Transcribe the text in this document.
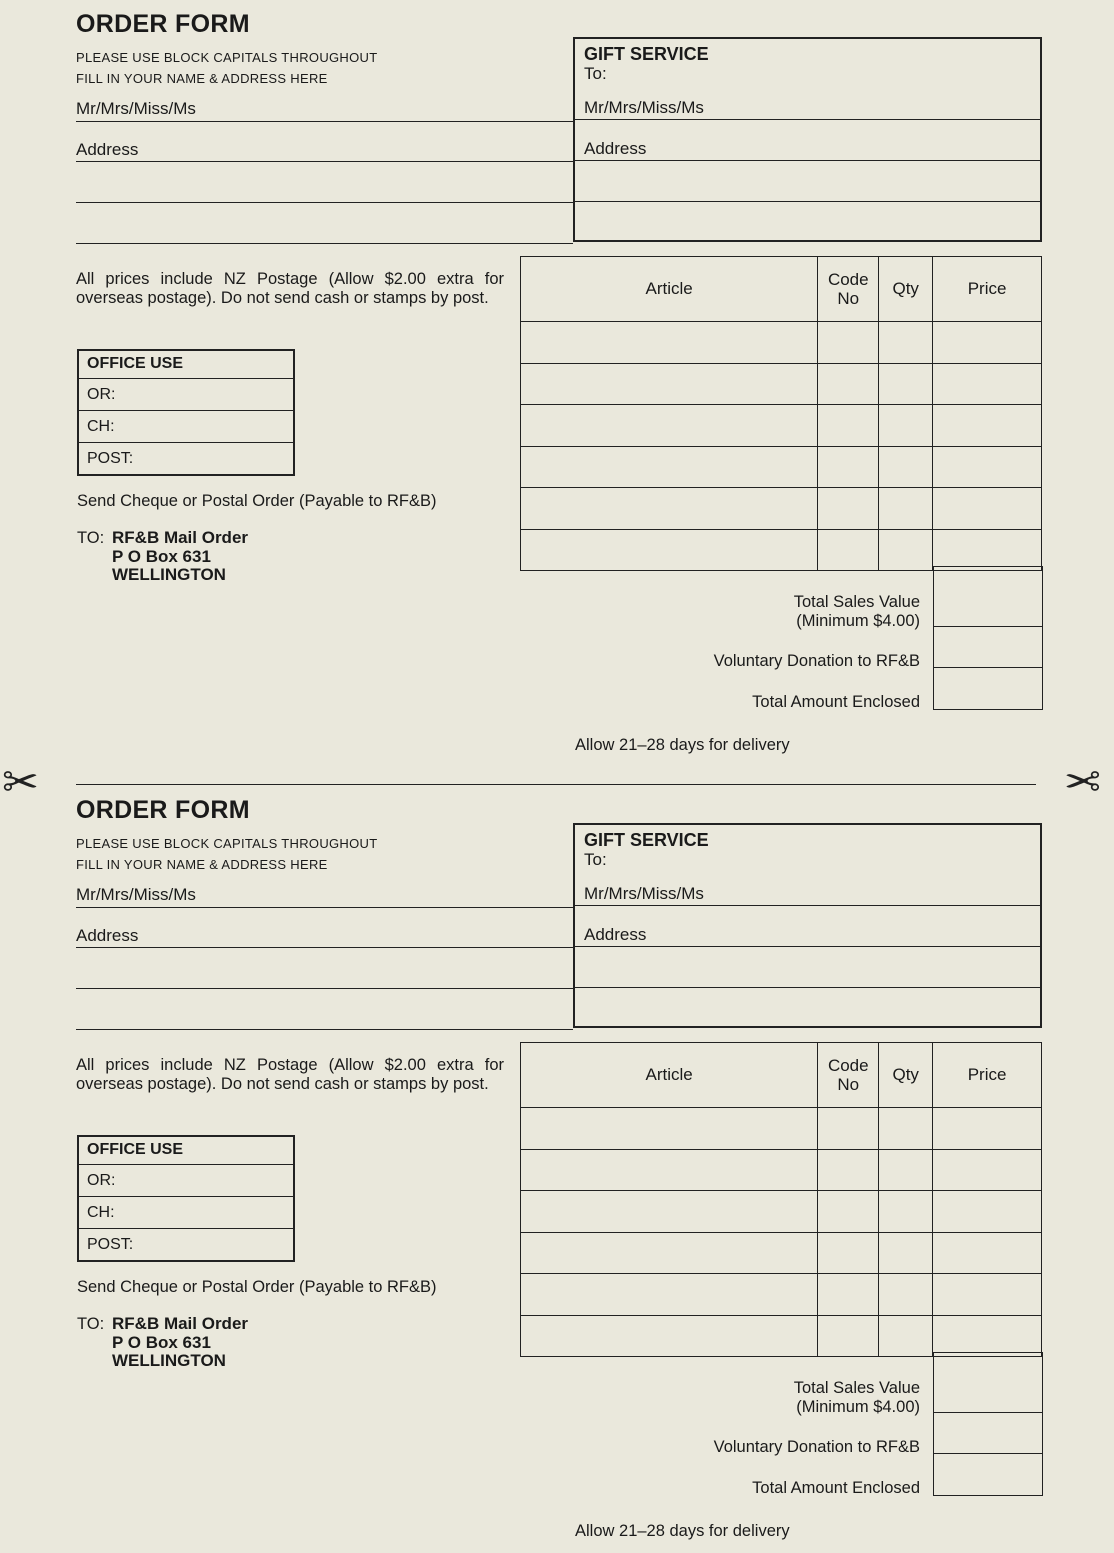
ORDER FORM
PLEASE USE BLOCK CAPITALS THROUGHOUT
FILL IN YOUR NAME & ADDRESS HERE
Mr/Mrs/Miss/Ms
Address
GIFT SERVICE
To:
Mr/Mrs/Miss/Ms
Address
All prices include NZ Postage (Allow $2.00 extra for overseas postage). Do not send cash or stamps by post.
OFFICE USE
OR:
CH:
POST:
Send Cheque or Postal Order (Payable to RF&B)
TO: RF&B Mail Order
P O Box 631
WELLINGTON
Article	Code No	Qty	Price

Total Sales Value
(Minimum $4.00)
Voluntary Donation to RF&B
Total Amount Enclosed
Allow 21–28 days for delivery
✂	✂
ORDER FORM
PLEASE USE BLOCK CAPITALS THROUGHOUT
FILL IN YOUR NAME & ADDRESS HERE
Mr/Mrs/Miss/Ms
Address
GIFT SERVICE
To:
Mr/Mrs/Miss/Ms
Address
All prices include NZ Postage (Allow $2.00 extra for overseas postage). Do not send cash or stamps by post.
OFFICE USE
OR:
CH:
POST:
Send Cheque or Postal Order (Payable to RF&B)
TO: RF&B Mail Order
P O Box 631
WELLINGTON
Article	Code No	Qty	Price

Total Sales Value
(Minimum $4.00)
Voluntary Donation to RF&B
Total Amount Enclosed
Allow 21–28 days for delivery
